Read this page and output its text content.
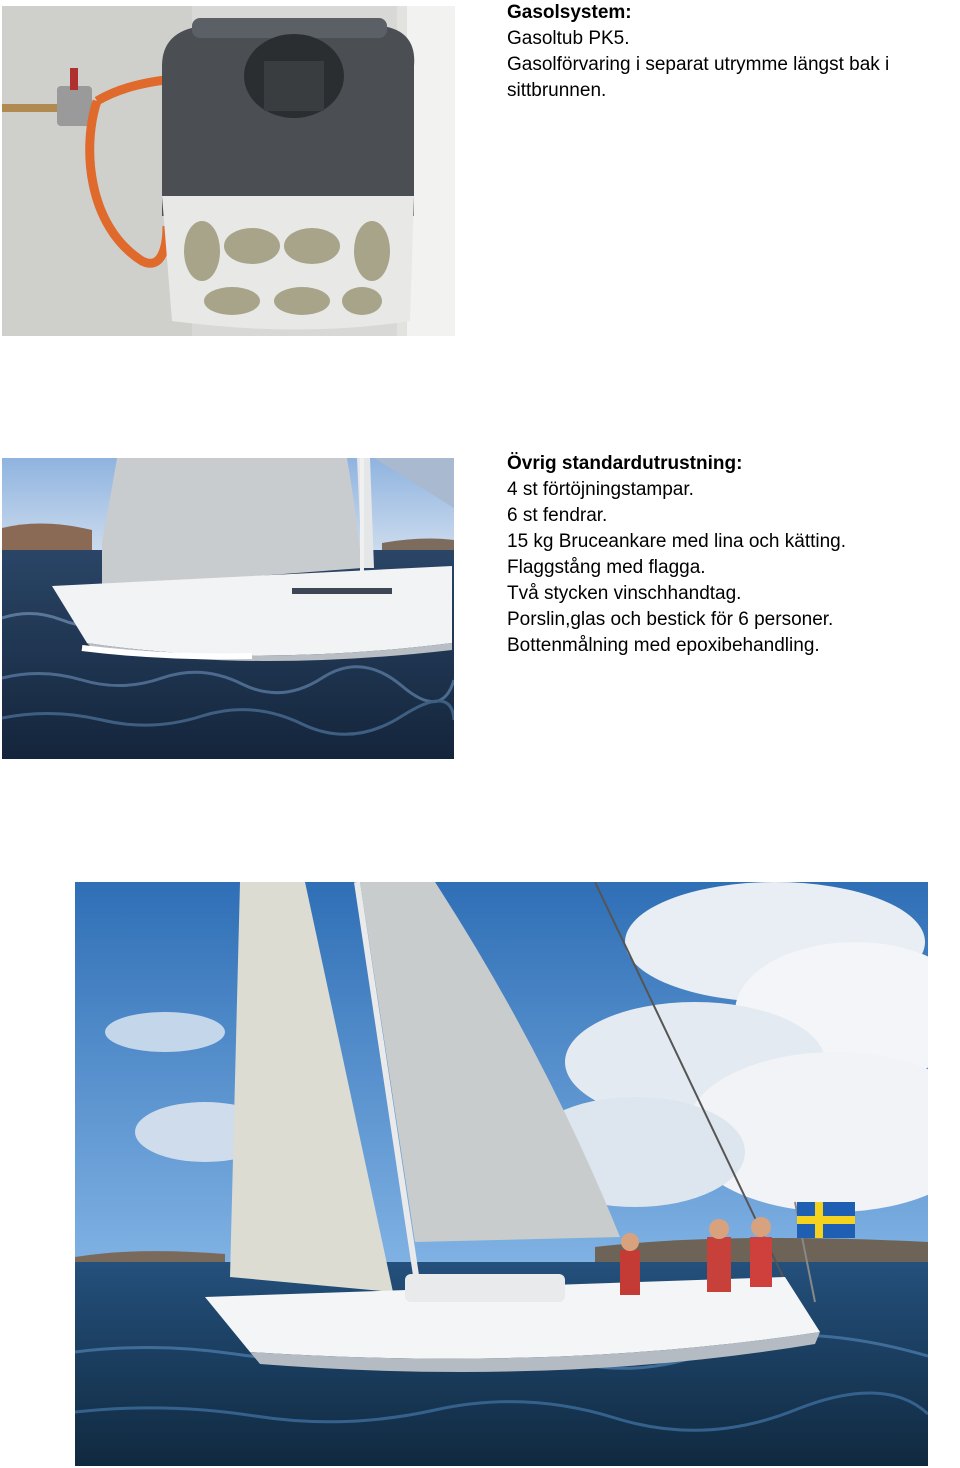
Gasolsystem:
Gasoltub PK5.
Gasolförvaring i separat utrymme längst bak i
sittbrunnen.
Övrig standardutrustning:
4 st förtöjningstampar.
6 st fendrar.
15 kg Bruceankare med lina och kätting.
Flaggstång med flagga.
Två stycken vinschhandtag.
Porslin,glas och bestick för 6 personer.
Bottenmålning med epoxibehandling.
